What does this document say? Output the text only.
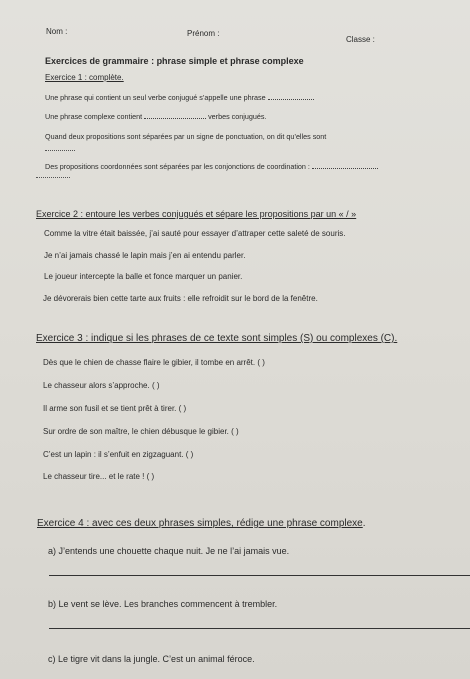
Nom :	Prénom :
Classe :
Exercices de grammaire : phrase simple et phrase complexe
Exercice 1 : complète.
Une phrase qui contient un seul verbe conjugué s’appelle une phrase
Une phrase complexe contient	verbes conjugués.
Quand deux propositions sont séparées par un signe de ponctuation, on dit qu’elles sont
Des propositions coordonnées sont séparées par les conjonctions de coordination :
Exercice 2 : entoure les verbes conjugués et sépare les propositions par un « / »
Comme la vitre était baissée, j’ai sauté pour essayer d’attraper cette saleté de souris.
Je n’ai jamais chassé le lapin mais j’en ai entendu parler.
Le joueur intercepte la balle et fonce marquer un panier.
Je dévorerais bien cette tarte aux fruits : elle refroidit sur le bord de la fenêtre.
Exercice 3 : indique si les phrases de ce texte sont simples (S) ou complexes (C).
Dès que le chien de chasse flaire le gibier, il tombe en arrêt. ( )
Le chasseur alors s’approche. ( )
Il arme son fusil et se tient prêt à tirer. ( )
Sur ordre de son maître, le chien débusque le gibier. ( )
C’est un lapin : il s’enfuit en zigzaguant. ( )
Le chasseur tire... et le rate ! ( )
Exercice 4 : avec ces deux phrases simples, rédige une phrase complexe.
a) J’entends une chouette chaque nuit. Je ne l’ai jamais vue.
b) Le vent se lève. Les branches commencent à trembler.
c) Le tigre vit dans la jungle. C’est un animal féroce.
